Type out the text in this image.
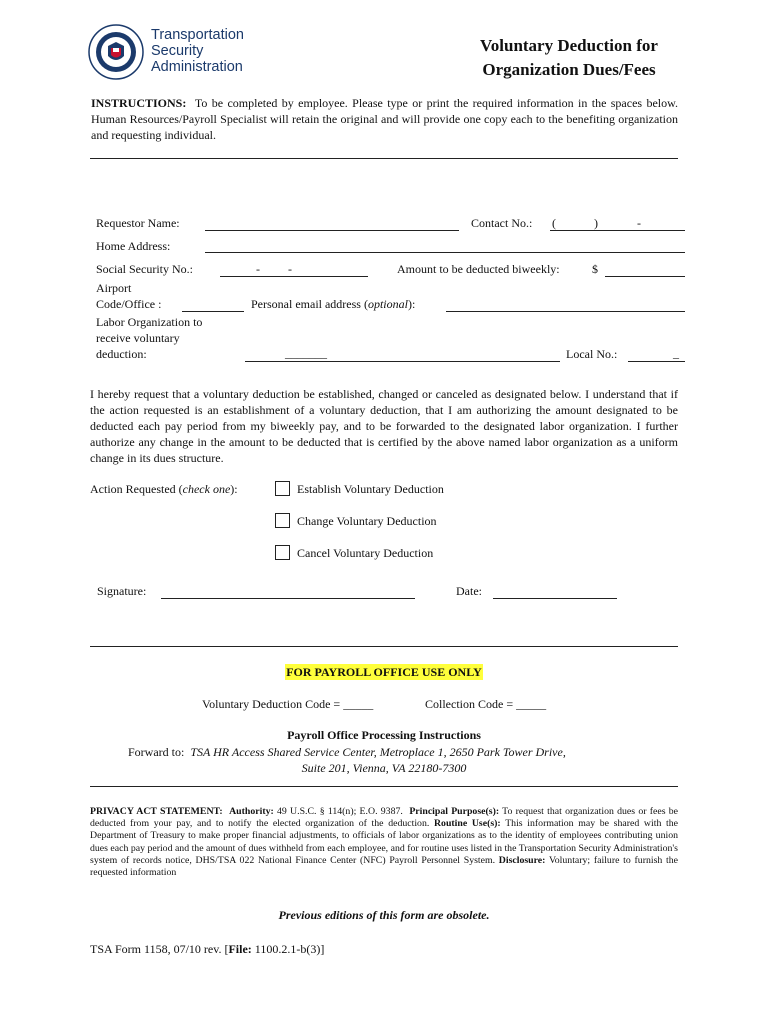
Transportation
Security
Administration
Voluntary Deduction for
Organization Dues/Fees
INSTRUCTIONS: To be completed by employee. Please type or print the required information in the spaces below. Human Resources/Payroll Specialist will retain the original and will provide one copy each to the benefiting organization and requesting individual.
Requestor Name:	Contact No.: (	)	-
Home Address:
Social Security No.:	- -	Amount to be deducted biweekly:	$
Airport
Code/Office :	Personal email address (optional):
Labor Organization to
receive voluntary
deduction:	_______	Local No.:	_
I hereby request that a voluntary deduction be established, changed or canceled as designated below. I understand that if the action requested is an establishment of a voluntary deduction, that I am authorizing the amount designated to be deducted each pay period from my biweekly pay, and to be forwarded to the designated labor organization. I further authorize any change in the amount to be deducted that is certified by the above named labor organization as a uniform change in its dues structure.
Action Requested (check one):	Establish Voluntary Deduction
Change Voluntary Deduction
Cancel Voluntary Deduction
Signature:	Date:
FOR PAYROLL OFFICE USE ONLY
Voluntary Deduction Code = _____	Collection Code = _____
Payroll Office Processing Instructions
Forward to: TSA HR Access Shared Service Center, Metroplace 1, 2650 Park Tower Drive,
Suite 201, Vienna, VA 22180-7300
PRIVACY ACT STATEMENT: Authority: 49 U.S.C. § 114(n); E.O. 9387. Principal Purpose(s): To request that organization dues or fees be deducted from your pay, and to notify the elected organization of the deduction. Routine Use(s): This information may be shared with the Department of Treasury to make proper financial adjustments, to officials of labor organizations as to the identity of employees contributing union dues each pay period and the amount of dues withheld from each employee, and for routine uses listed in the Transportation Security Administration's system of records notice, DHS/TSA 022 National Finance Center (NFC) Payroll Personnel System. Disclosure: Voluntary; failure to furnish the requested information
Previous editions of this form are obsolete.
TSA Form 1158, 07/10 rev. [File: 1100.2.1-b(3)]
